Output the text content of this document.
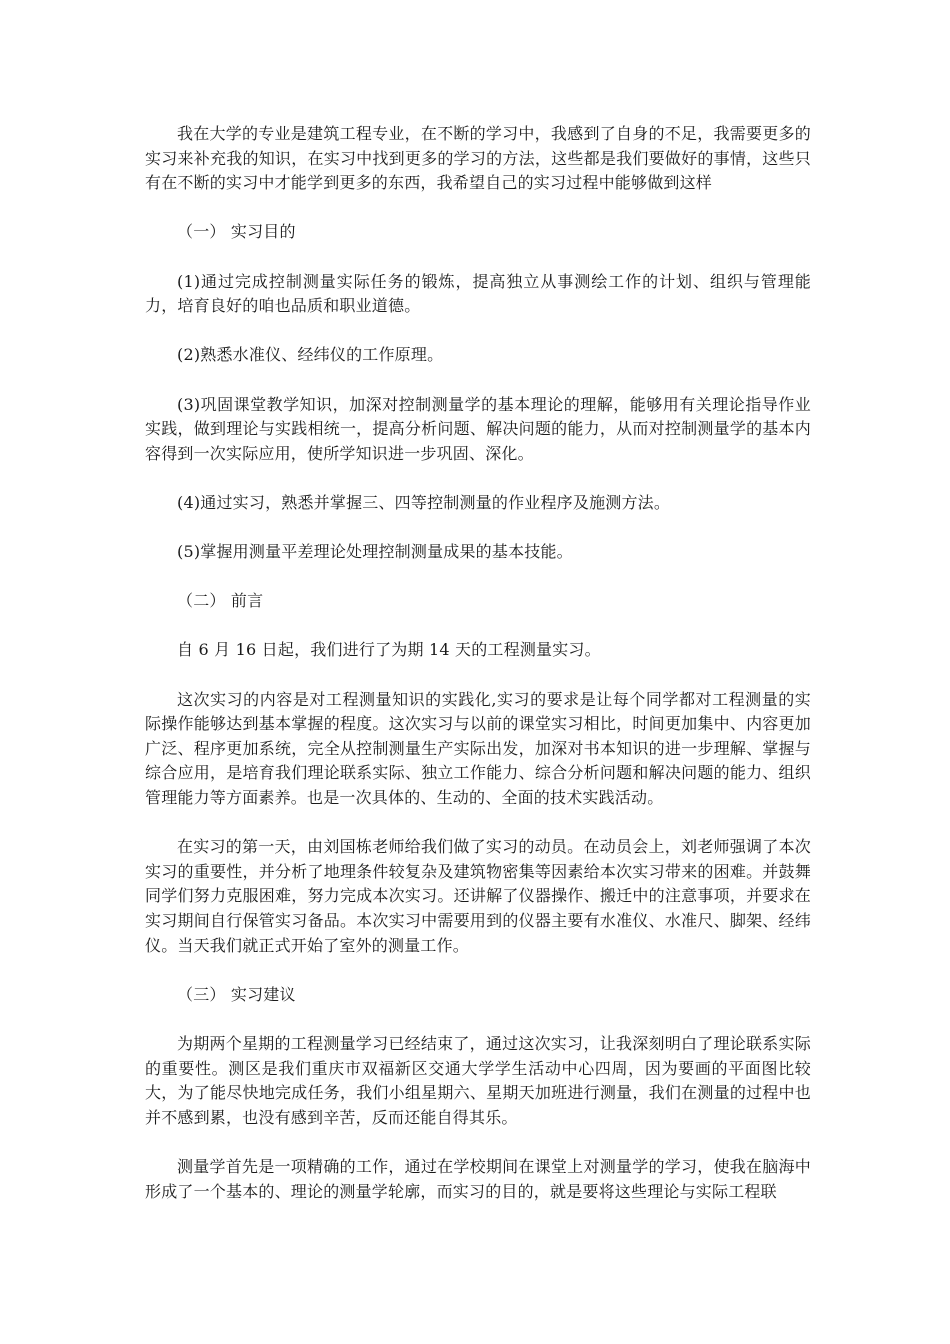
我在大学的专业是建筑工程专业，在不断的学习中，我感到了自身的不足，我需要更多的实习来补充我的知识，在实习中找到更多的学习的方法，这些都是我们要做好的事情，这些只有在不断的实习中才能学到更多的东西，我希望自己的实习过程中能够做到这样

（一） 实习目的

(1)通过完成控制测量实际任务的锻炼，提高独立从事测绘工作的计划、组织与管理能力，培育良好的咱也品质和职业道德。

(2)熟悉水准仪、经纬仪的工作原理。

(3)巩固课堂教学知识，加深对控制测量学的基本理论的理解，能够用有关理论指导作业实践，做到理论与实践相统一，提高分析问题、解决问题的能力，从而对控制测量学的基本内容得到一次实际应用，使所学知识进一步巩固、深化。

(4)通过实习，熟悉并掌握三、四等控制测量的作业程序及施测方法。

(5)掌握用测量平差理论处理控制测量成果的基本技能。

（二） 前言

自 6 月 16 日起，我们进行了为期 14 天的工程测量实习。

这次实习的内容是对工程测量知识的实践化,实习的要求是让每个同学都对工程测量的实际操作能够达到基本掌握的程度。这次实习与以前的课堂实习相比，时间更加集中、内容更加广泛、程序更加系统，完全从控制测量生产实际出发，加深对书本知识的进一步理解、掌握与综合应用，是培育我们理论联系实际、独立工作能力、综合分析问题和解决问题的能力、组织管理能力等方面素养。也是一次具体的、生动的、全面的技术实践活动。

在实习的第一天，由刘国栋老师给我们做了实习的动员。在动员会上，刘老师强调了本次实习的重要性，并分析了地理条件较复杂及建筑物密集等因素给本次实习带来的困难。并鼓舞同学们努力克服困难，努力完成本次实习。还讲解了仪器操作、搬迁中的注意事项，并要求在实习期间自行保管实习备品。本次实习中需要用到的仪器主要有水准仪、水准尺、脚架、经纬仪。当天我们就正式开始了室外的测量工作。

（三） 实习建议

为期两个星期的工程测量学习已经结束了，通过这次实习，让我深刻明白了理论联系实际的重要性。测区是我们重庆市双福新区交通大学学生活动中心四周，因为要画的平面图比较大，为了能尽快地完成任务，我们小组星期六、星期天加班进行测量，我们在测量的过程中也并不感到累，也没有感到辛苦，反而还能自得其乐。

测量学首先是一项精确的工作，通过在学校期间在课堂上对测量学的学习，使我在脑海中形成了一个基本的、理论的测量学轮廓，而实习的目的，就是要将这些理论与实际工程联
